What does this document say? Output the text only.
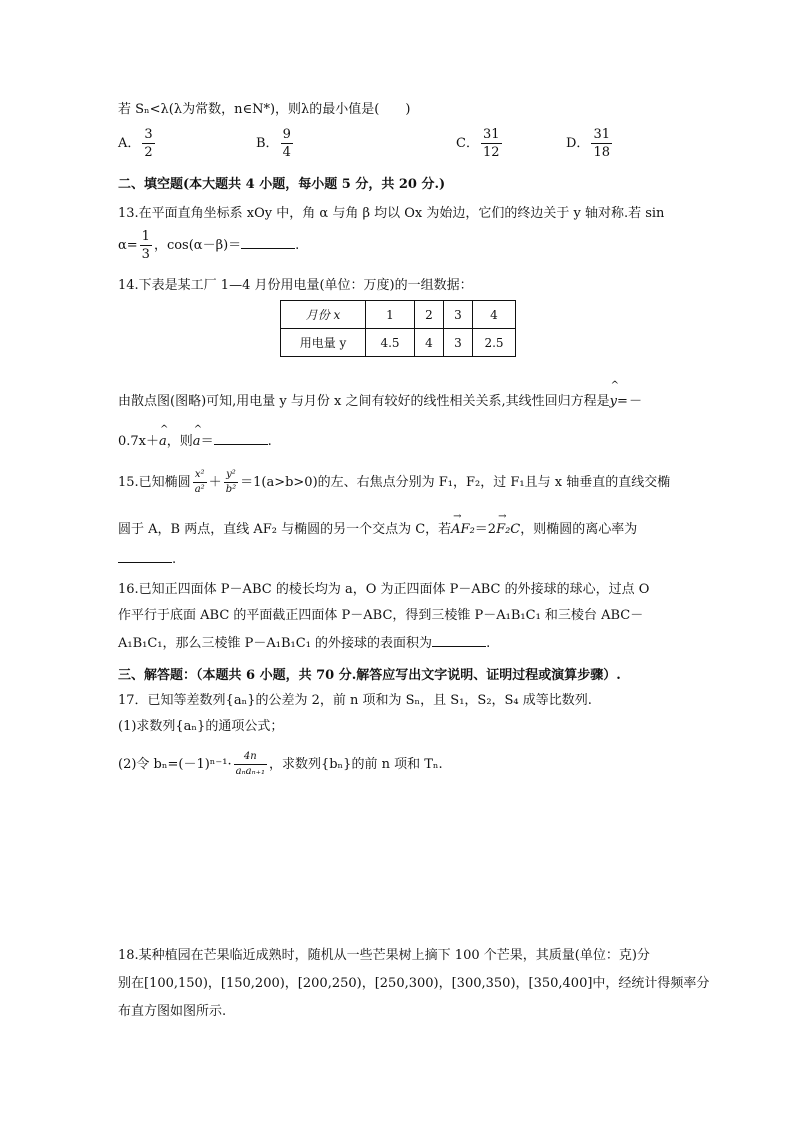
若 Sₙ<λ(λ为常数，n∈N*)，则λ的最小值是(　　)
A． $\frac{3}{2}$	B． $\frac{9}{4}$	C． $\frac{31}{12}$	D． $\frac{31}{18}$
二、填空题(本大题共 4 小题，每小题 5 分，共 20 分.)
13.在平面直角坐标系 xOy 中，角 α 与角 β 均以 Ox 为始边，它们的终边关于 y 轴对称.若 sin
$\alpha= \frac{1}{3}$ ，cos(α－β)＝	.
14.下表是某工厂 1—4 月份用电量(单位：万度)的一组数据：
月份 x	1	2	3	4
用电量 y	4.5	4	3	2.5
由散点图(图略)可知,用电量 y 与月份 x 之间有较好的线性相关关系,其线性回归方程是^ y=－
0.7x＋^ a，则^ a＝	.
15.已知椭圆 $\frac{\text{x²}}{\text{a²}} + \frac{\text{y²}}{\text{b²}} =1(a>b>0)$的左、右焦点分别为 F₁，F₂，过 F₁且与 x 轴垂直的直线交椭
圆于 A，B 两点，直线 AF₂ 与椭圆的另一个交点为 C，若→ AF₂＝2→ F₂C，则椭圆的离心率为
.
16.已知正四面体 P－ABC 的棱长均为 a，O 为正四面体 P－ABC 的外接球的球心，过点 O
作平行于底面 ABC 的平面截正四面体 P－ABC，得到三棱锥 P－A₁B₁C₁ 和三棱台 ABC－
A₁B₁C₁，那么三棱锥 P－A₁B₁C₁ 的外接球的表面积为	.
三、解答题：（本题共 6 小题，共 70 分.解答应写出文字说明、证明过程或演算步骤）.
17．已知等差数列{aₙ}的公差为 2，前 n 项和为 Sₙ，且 S₁，S₂，S₄ 成等比数列.
(1)求数列{aₙ}的通项公式；
(2)令 $b_n=(-1)^{n-1}\cdot \frac{4n}{\text{aₙaₙ₊₁}}$ ，求数列{bₙ}的前 n 项和 Tₙ.
18.某种植园在芒果临近成熟时，随机从一些芒果树上摘下 100 个芒果，其质量(单位：克)分
别在[100,150)，[150,200)，[200,250)，[250,300)，[300,350)，[350,400]中，经统计得频率分
布直方图如图所示.
